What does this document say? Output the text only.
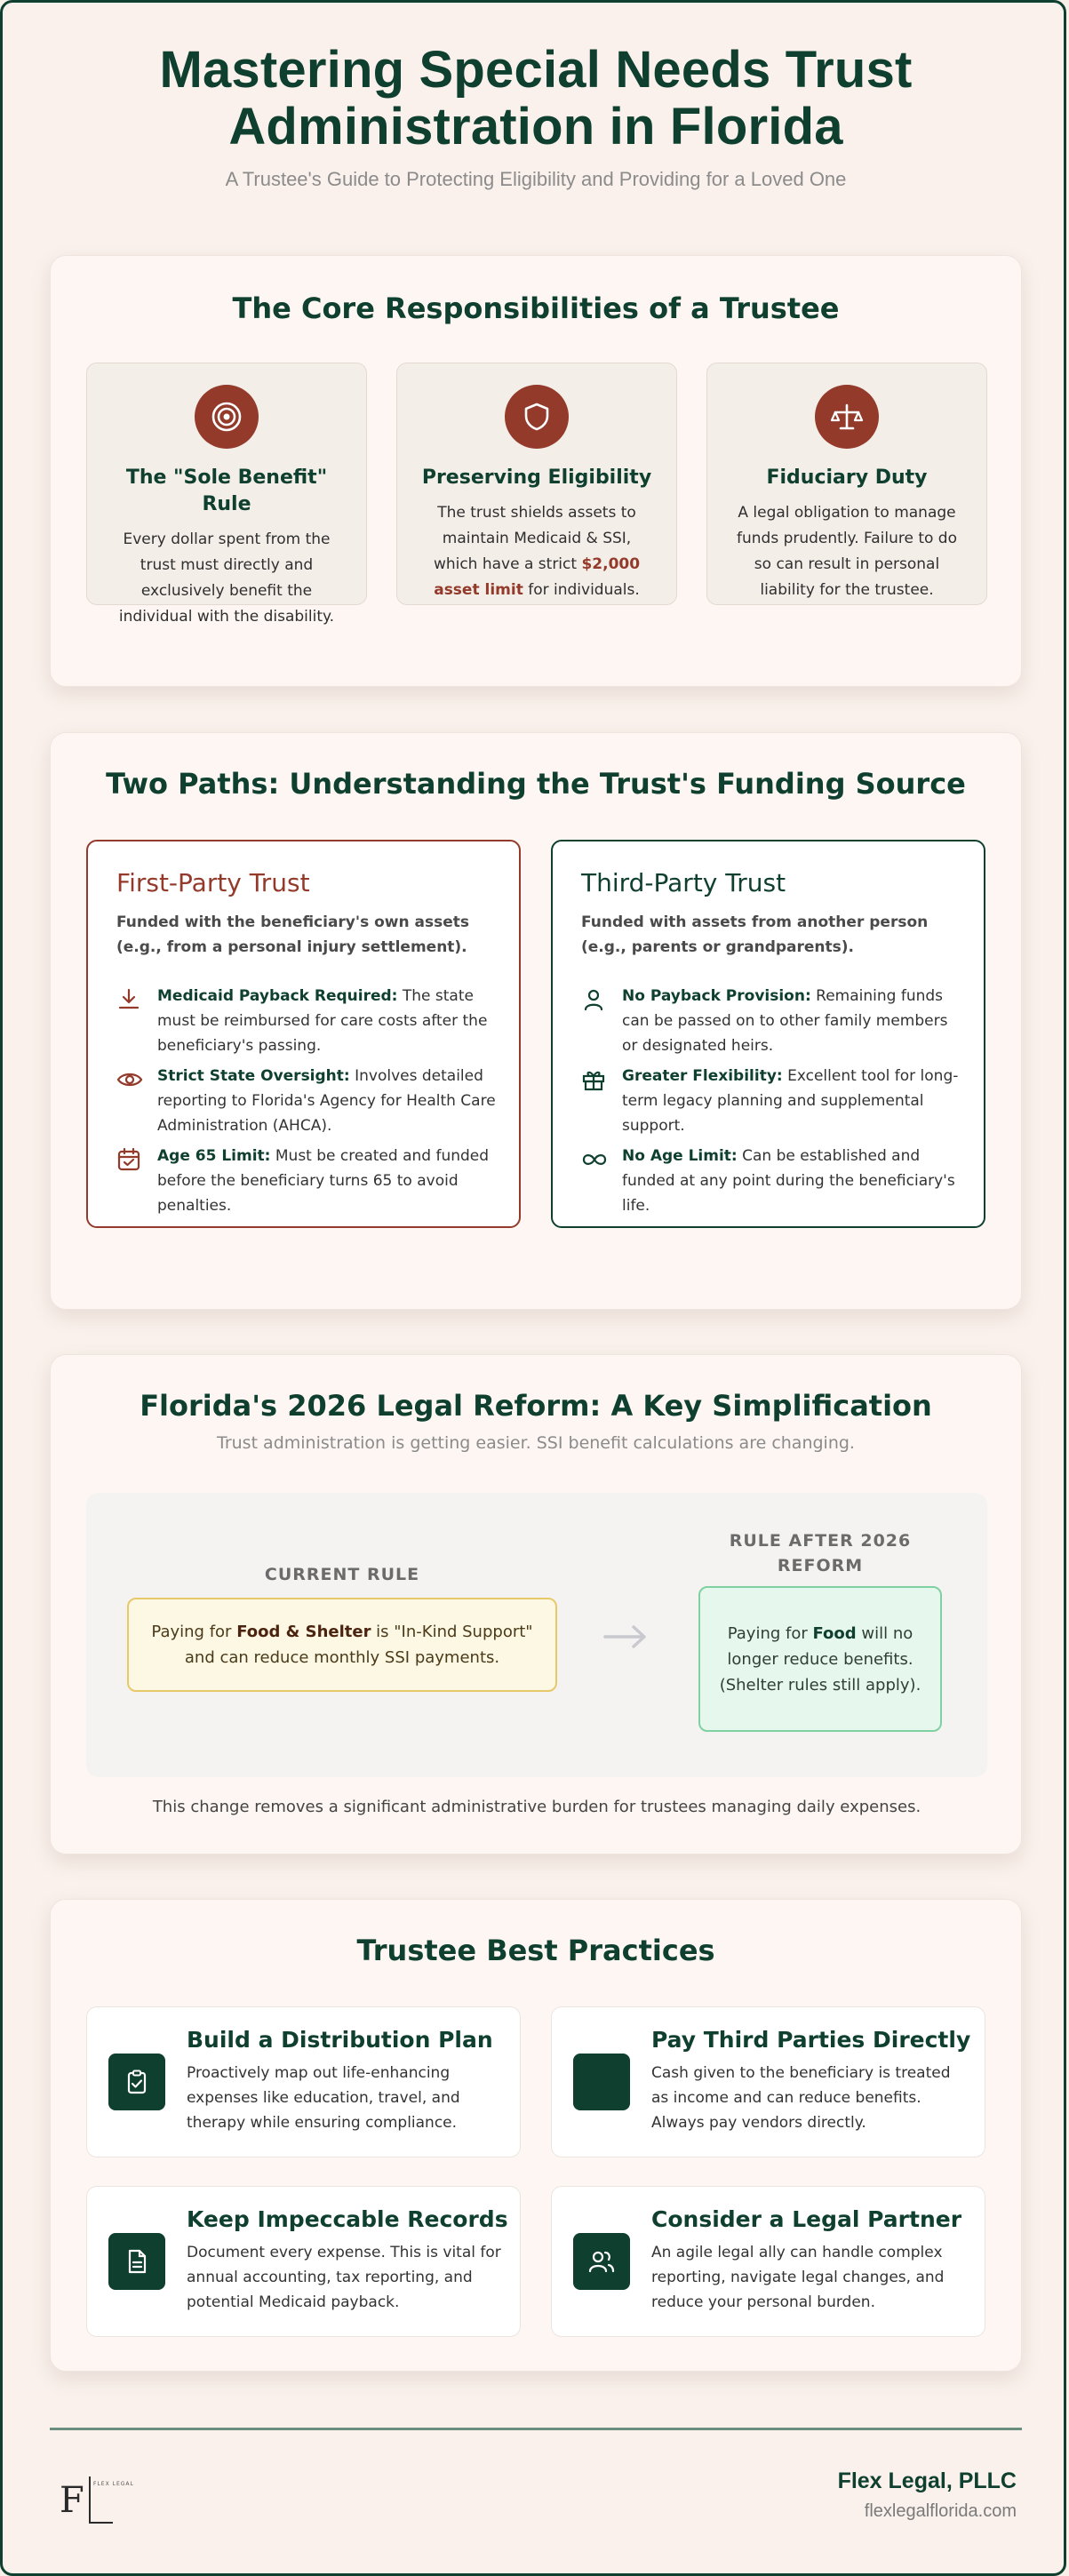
Mastering Special Needs Trust
Administration in Florida
A Trustee's Guide to Protecting Eligibility and Providing for a Loved One
The Core Responsibilities of a Trustee
The "Sole Benefit" Rule

Every dollar spent from the trust must directly and exclusively benefit the individual with the disability.

Preserving Eligibility

The trust shields assets to maintain Medicaid & SSI, which have a strict $2,000 asset limit for individuals.

Fiduciary Duty

A legal obligation to manage funds prudently. Failure to do so can result in personal liability for the trustee.

Two Paths: Understanding the Trust's Funding Source
First-Party Trust
Funded with the beneficiary's own assets (e.g., from a personal injury settlement).
Medicaid Payback Required: The state must be reimbursed for care costs after the beneficiary's passing.
Strict State Oversight: Involves detailed reporting to Florida's Agency for Health Care Administration (AHCA).
Age 65 Limit: Must be created and funded before the beneficiary turns 65 to avoid penalties.
Third-Party Trust
Funded with assets from another person (e.g., parents or grandparents).
No Payback Provision: Remaining funds can be passed on to other family members or designated heirs.
Greater Flexibility: Excellent tool for long-term legacy planning and supplemental support.
No Age Limit: Can be established and funded at any point during the beneficiary's life.
Florida's 2026 Legal Reform: A Key Simplification
Trust administration is getting easier. SSI benefit calculations are changing.
CURRENT RULE
Paying for Food & Shelter is "In-Kind Support" and can reduce monthly SSI payments.
RULE AFTER 2026
REFORM
Paying for Food will no longer reduce benefits. (Shelter rules still apply).
This change removes a significant administrative burden for trustees managing daily expenses.
Trustee Best Practices
Build a Distribution Plan

Proactively map out life-enhancing expenses like education, travel, and therapy while ensuring compliance.

Pay Third Parties Directly

Cash given to the beneficiary is treated as income and can reduce benefits. Always pay vendors directly.

Keep Impeccable Records

Document every expense. This is vital for annual accounting, tax reporting, and potential Medicaid payback.

Consider a Legal Partner

An agile legal ally can handle complex reporting, navigate legal changes, and reduce your personal burden.

F FLEX LEGAL	Flex Legal, PLLC
flexlegalflorida.com
